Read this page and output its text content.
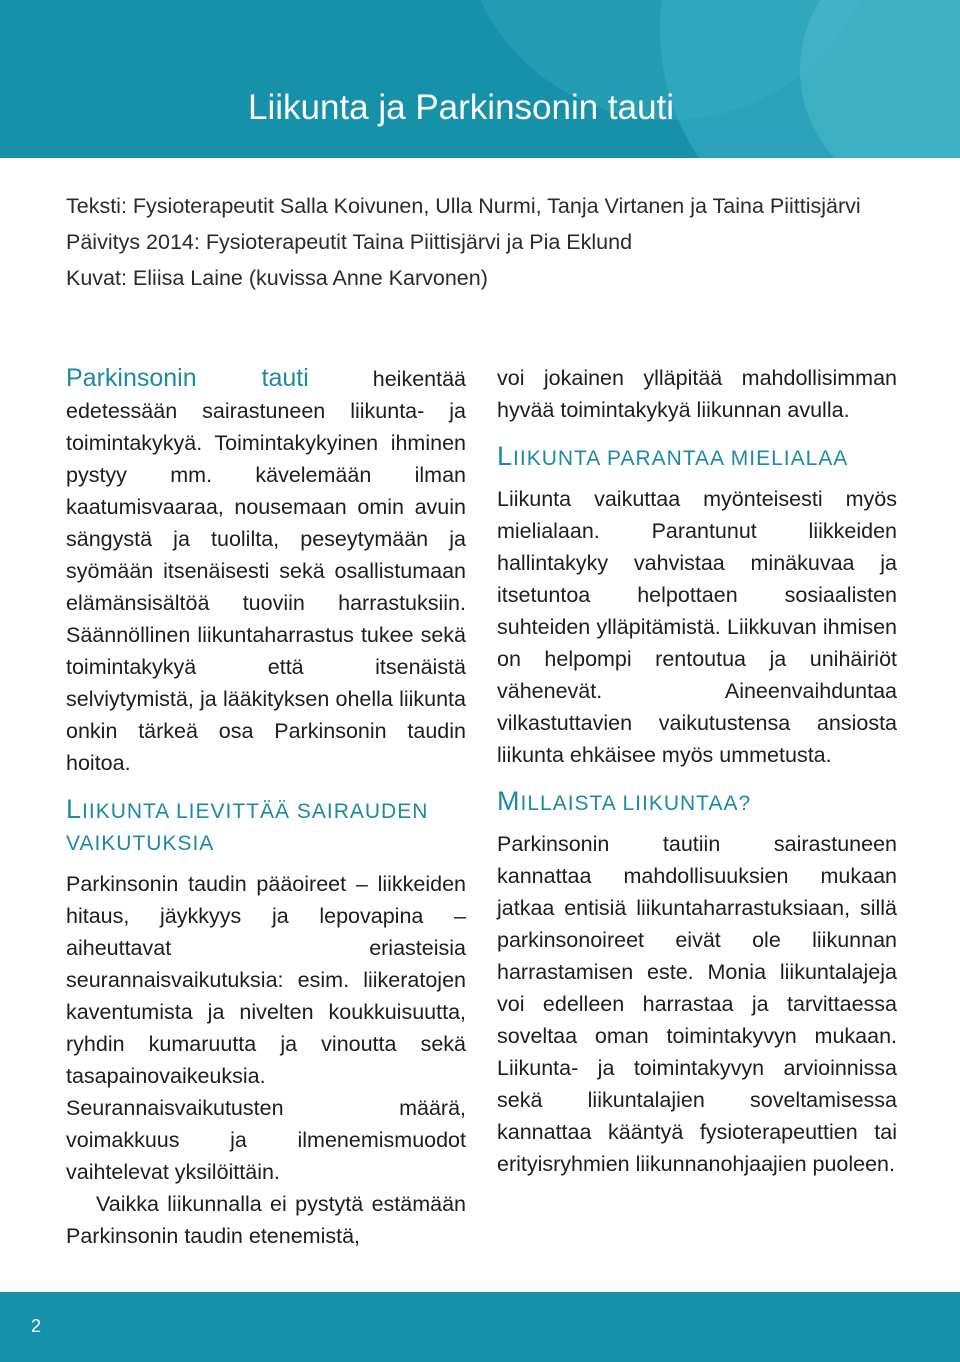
Liikunta ja Parkinsonin tauti
Teksti: Fysioterapeutit Salla Koivunen, Ulla Nurmi, Tanja Virtanen ja Taina Piittisjärvi
Päivitys 2014: Fysioterapeutit Taina Piittisjärvi ja Pia Eklund
Kuvat: Eliisa Laine (kuvissa Anne Karvonen)

Parkinsonin tauti heikentää edetessään sairastuneen liikunta- ja toimintakykyä. Toimintakykyinen ihminen pystyy mm. kävelemään ilman kaatumisvaaraa, nousemaan omin avuin sängystä ja tuolilta, peseytymään ja syömään itsenäisesti sekä osallistumaan elämänsisältöä tuoviin harrastuksiin. Säännöllinen liikuntaharrastus tukee sekä toimintakykyä että itsenäistä selviytymistä, ja lääkityksen ohella liikunta onkin tärkeä osa Parkinsonin taudin hoitoa.

LIIKUNTA LIEVITTÄÄ SAIRAUDEN VAIKUTUKSIA

Parkinsonin taudin pääoireet – liikkeiden hitaus, jäykkyys ja lepovapina – aiheuttavat eriasteisia seurannaisvaikutuksia: esim. liikeratojen kaventumista ja nivelten koukkuisuutta, ryhdin kumaruutta ja vinoutta sekä tasapainovaikeuksia. Seurannaisvaikutusten määrä, voimakkuus ja ilmenemismuodot vaihtelevat yksilöittäin.

Vaikka liikunnalla ei pystytä estämään Parkinsonin taudin etenemistä,

voi jokainen ylläpitää mahdollisimman hyvää toimintakykyä liikunnan avulla.

LIIKUNTA PARANTAA MIELIALAA

Liikunta vaikuttaa myönteisesti myös mielialaan. Parantunut liikkeiden hallintakyky vahvistaa minäkuvaa ja itsetuntoa helpottaen sosiaalisten suhteiden ylläpitämistä. Liikkuvan ihmisen on helpompi rentoutua ja unihäiriöt vähenevät. Aineenvaihduntaa vilkastuttavien vaikutustensa ansiosta liikunta ehkäisee myös ummetusta.

MILLAISTA LIIKUNTAA?

Parkinsonin tautiin sairastuneen kannattaa mahdollisuuksien mukaan jatkaa entisiä liikuntaharrastuksiaan, sillä parkinsonoireet eivät ole liikunnan harrastamisen este. Monia liikuntalajeja voi edelleen harrastaa ja tarvittaessa soveltaa oman toimintakyvyn mukaan. Liikunta- ja toimintakyvyn arvioinnissa sekä liikuntalajien soveltamisessa kannattaa kääntyä fysioterapeuttien tai erityisryhmien liikunnanohjaajien puoleen.

2
